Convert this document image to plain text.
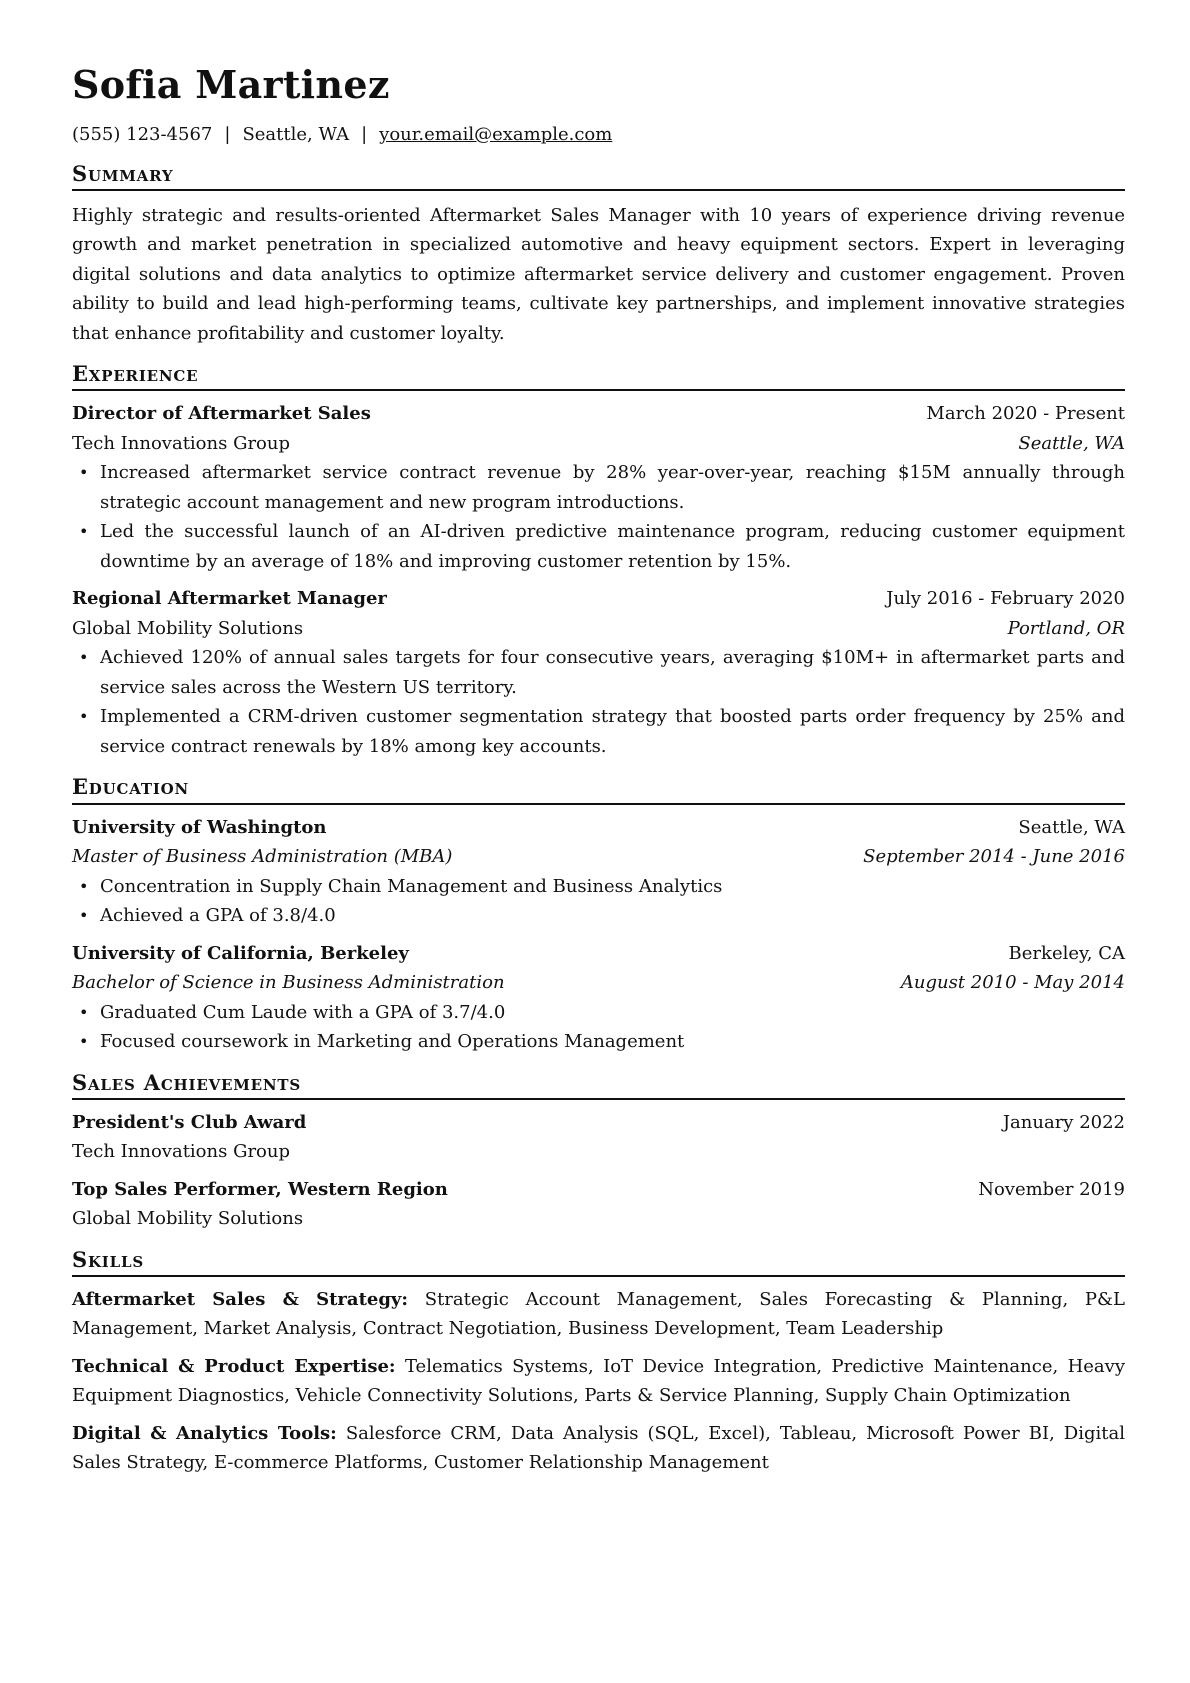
Sofia Martinez
(555) 123-4567 | Seattle, WA | your.email@example.com
Summary
Highly strategic and results-oriented Aftermarket Sales Manager with 10 years of experience driving revenue growth and market penetration in specialized automotive and heavy equipment sectors. Expert in leveraging digital solutions and data analytics to optimize aftermarket service delivery and customer engagement. Proven ability to build and lead high-performing teams, cultivate key partnerships, and implement innovative strategies that enhance profitability and customer loyalty.
Experience
Director of Aftermarket Sales	March 2020 - Present
Tech Innovations Group	Seattle, WA
• Increased aftermarket service contract revenue by 28% year-over-year, reaching $15M annually through strategic account management and new program introductions.
• Led the successful launch of an AI-driven predictive maintenance program, reducing customer equipment downtime by an average of 18% and improving customer retention by 15%.
Regional Aftermarket Manager	July 2016 - February 2020
Global Mobility Solutions	Portland, OR
• Achieved 120% of annual sales targets for four consecutive years, averaging $10M+ in aftermarket parts and service sales across the Western US territory.
• Implemented a CRM-driven customer segmentation strategy that boosted parts order frequency by 25% and service contract renewals by 18% among key accounts.
Education
University of Washington	Seattle, WA
Master of Business Administration (MBA)	September 2014 - June 2016
• Concentration in Supply Chain Management and Business Analytics
• Achieved a GPA of 3.8/4.0
University of California, Berkeley	Berkeley, CA
Bachelor of Science in Business Administration	August 2010 - May 2014
• Graduated Cum Laude with a GPA of 3.7/4.0
• Focused coursework in Marketing and Operations Management
Sales Achievements
President's Club Award	January 2022
Tech Innovations Group
Top Sales Performer, Western Region	November 2019
Global Mobility Solutions
Skills
Aftermarket Sales & Strategy: Strategic Account Management, Sales Forecasting & Planning, P&L Management, Market Analysis, Contract Negotiation, Business Development, Team Leadership
Technical & Product Expertise: Telematics Systems, IoT Device Integration, Predictive Maintenance, Heavy Equipment Diagnostics, Vehicle Connectivity Solutions, Parts & Service Planning, Supply Chain Optimization
Digital & Analytics Tools: Salesforce CRM, Data Analysis (SQL, Excel), Tableau, Microsoft Power BI, Digital Sales Strategy, E-commerce Platforms, Customer Relationship Management
